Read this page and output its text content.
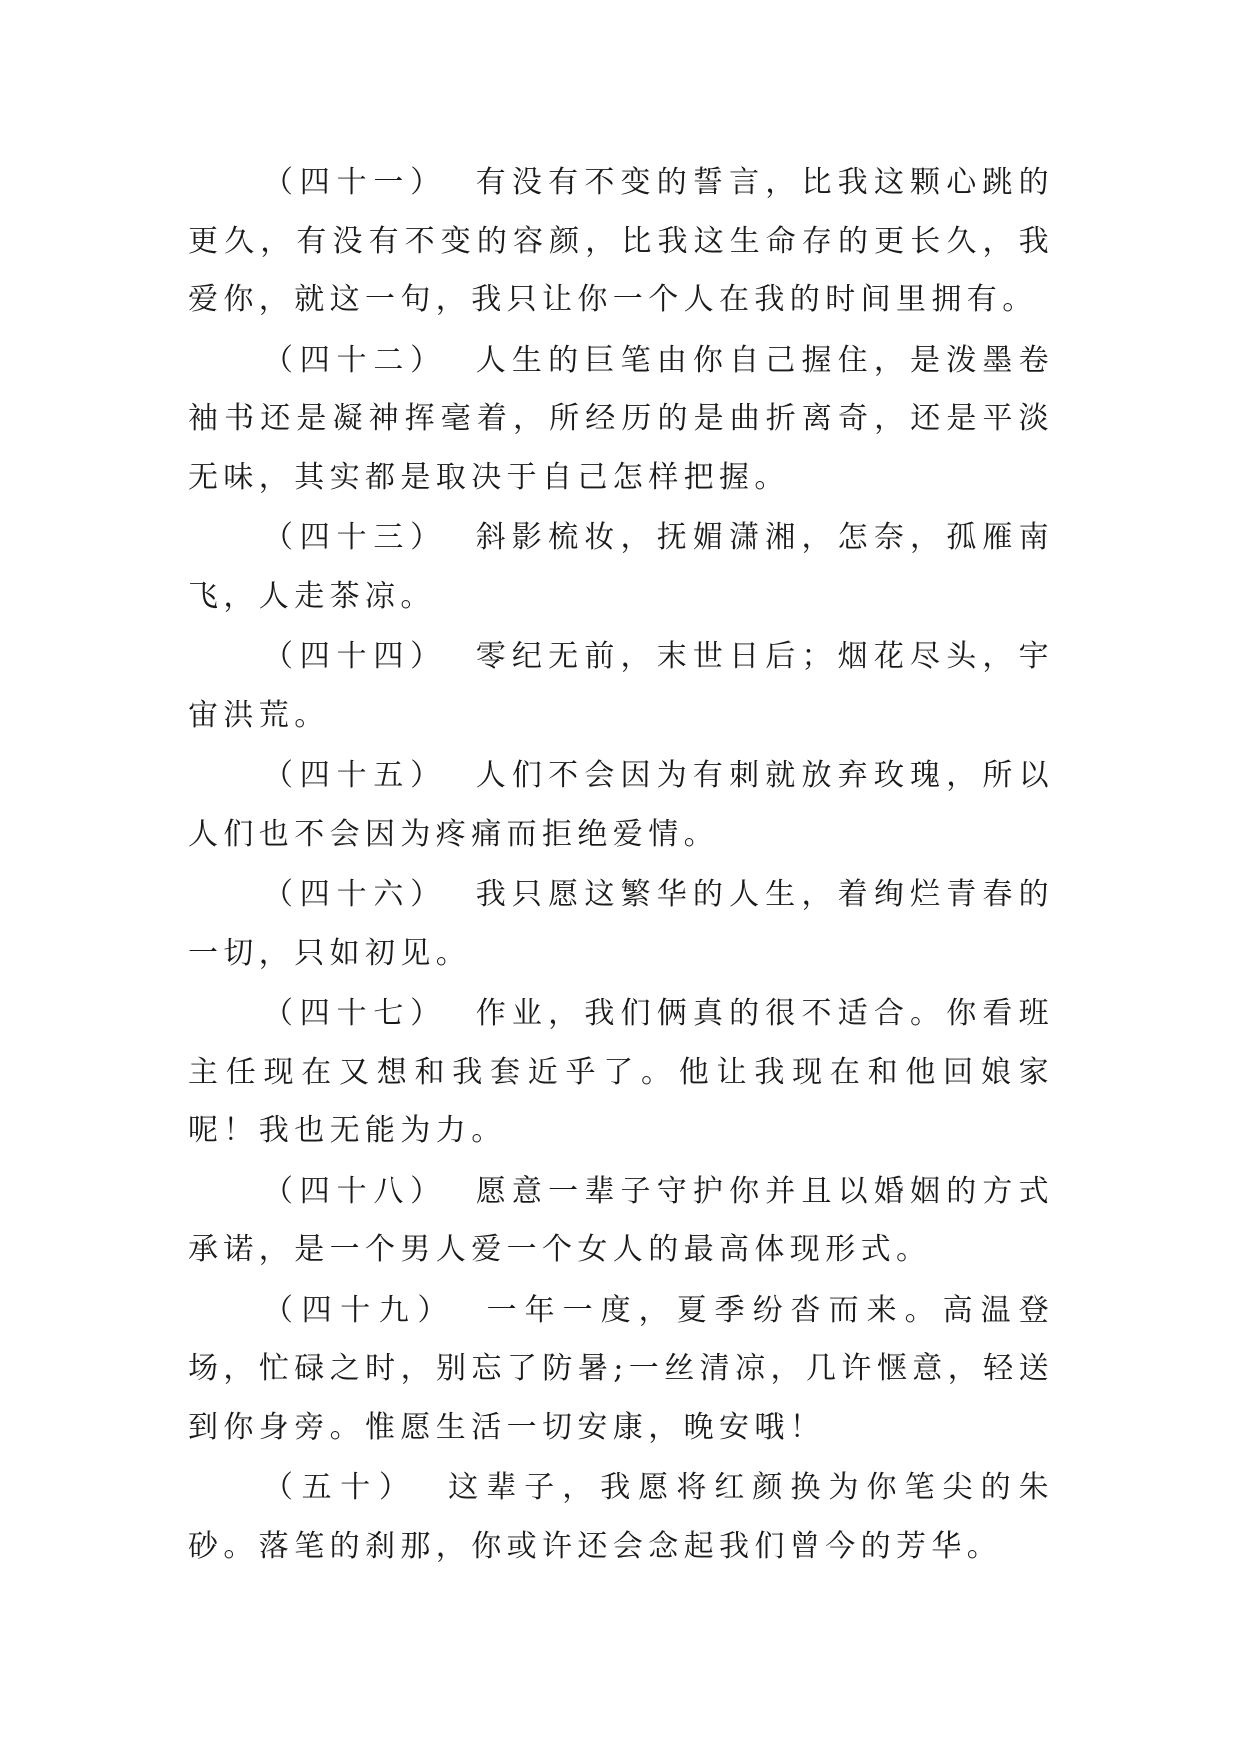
（四十一） 有没有不变的誓言，比我这颗心跳的更久，有没有不变的容颜，比我这生命存的更长久，我爱你，就这一句，我只让你一个人在我的时间里拥有。

（四十二） 人生的巨笔由你自己握住，是泼墨卷袖书还是凝神挥毫着，所经历的是曲折离奇，还是平淡无味，其实都是取决于自己怎样把握。

（四十三） 斜影梳妆，抚媚潇湘，怎奈，孤雁南飞，人走茶凉。

（四十四） 零纪无前，末世日后；烟花尽头，宇宙洪荒。

（四十五） 人们不会因为有刺就放弃玫瑰，所以人们也不会因为疼痛而拒绝爱情。

（四十六） 我只愿这繁华的人生，着绚烂青春的一切，只如初见。

（四十七） 作业，我们俩真的很不适合。你看班主任现在又想和我套近乎了。他让我现在和他回娘家呢！我也无能为力。

（四十八） 愿意一辈子守护你并且以婚姻的方式承诺，是一个男人爱一个女人的最高体现形式。

（四十九） 一年一度，夏季纷沓而来。高温登场，忙碌之时，别忘了防暑;一丝清凉，几许惬意，轻送到你身旁。惟愿生活一切安康，晚安哦！

（五十） 这辈子，我愿将红颜换为你笔尖的朱砂。落笔的刹那，你或许还会念起我们曾今的芳华。
